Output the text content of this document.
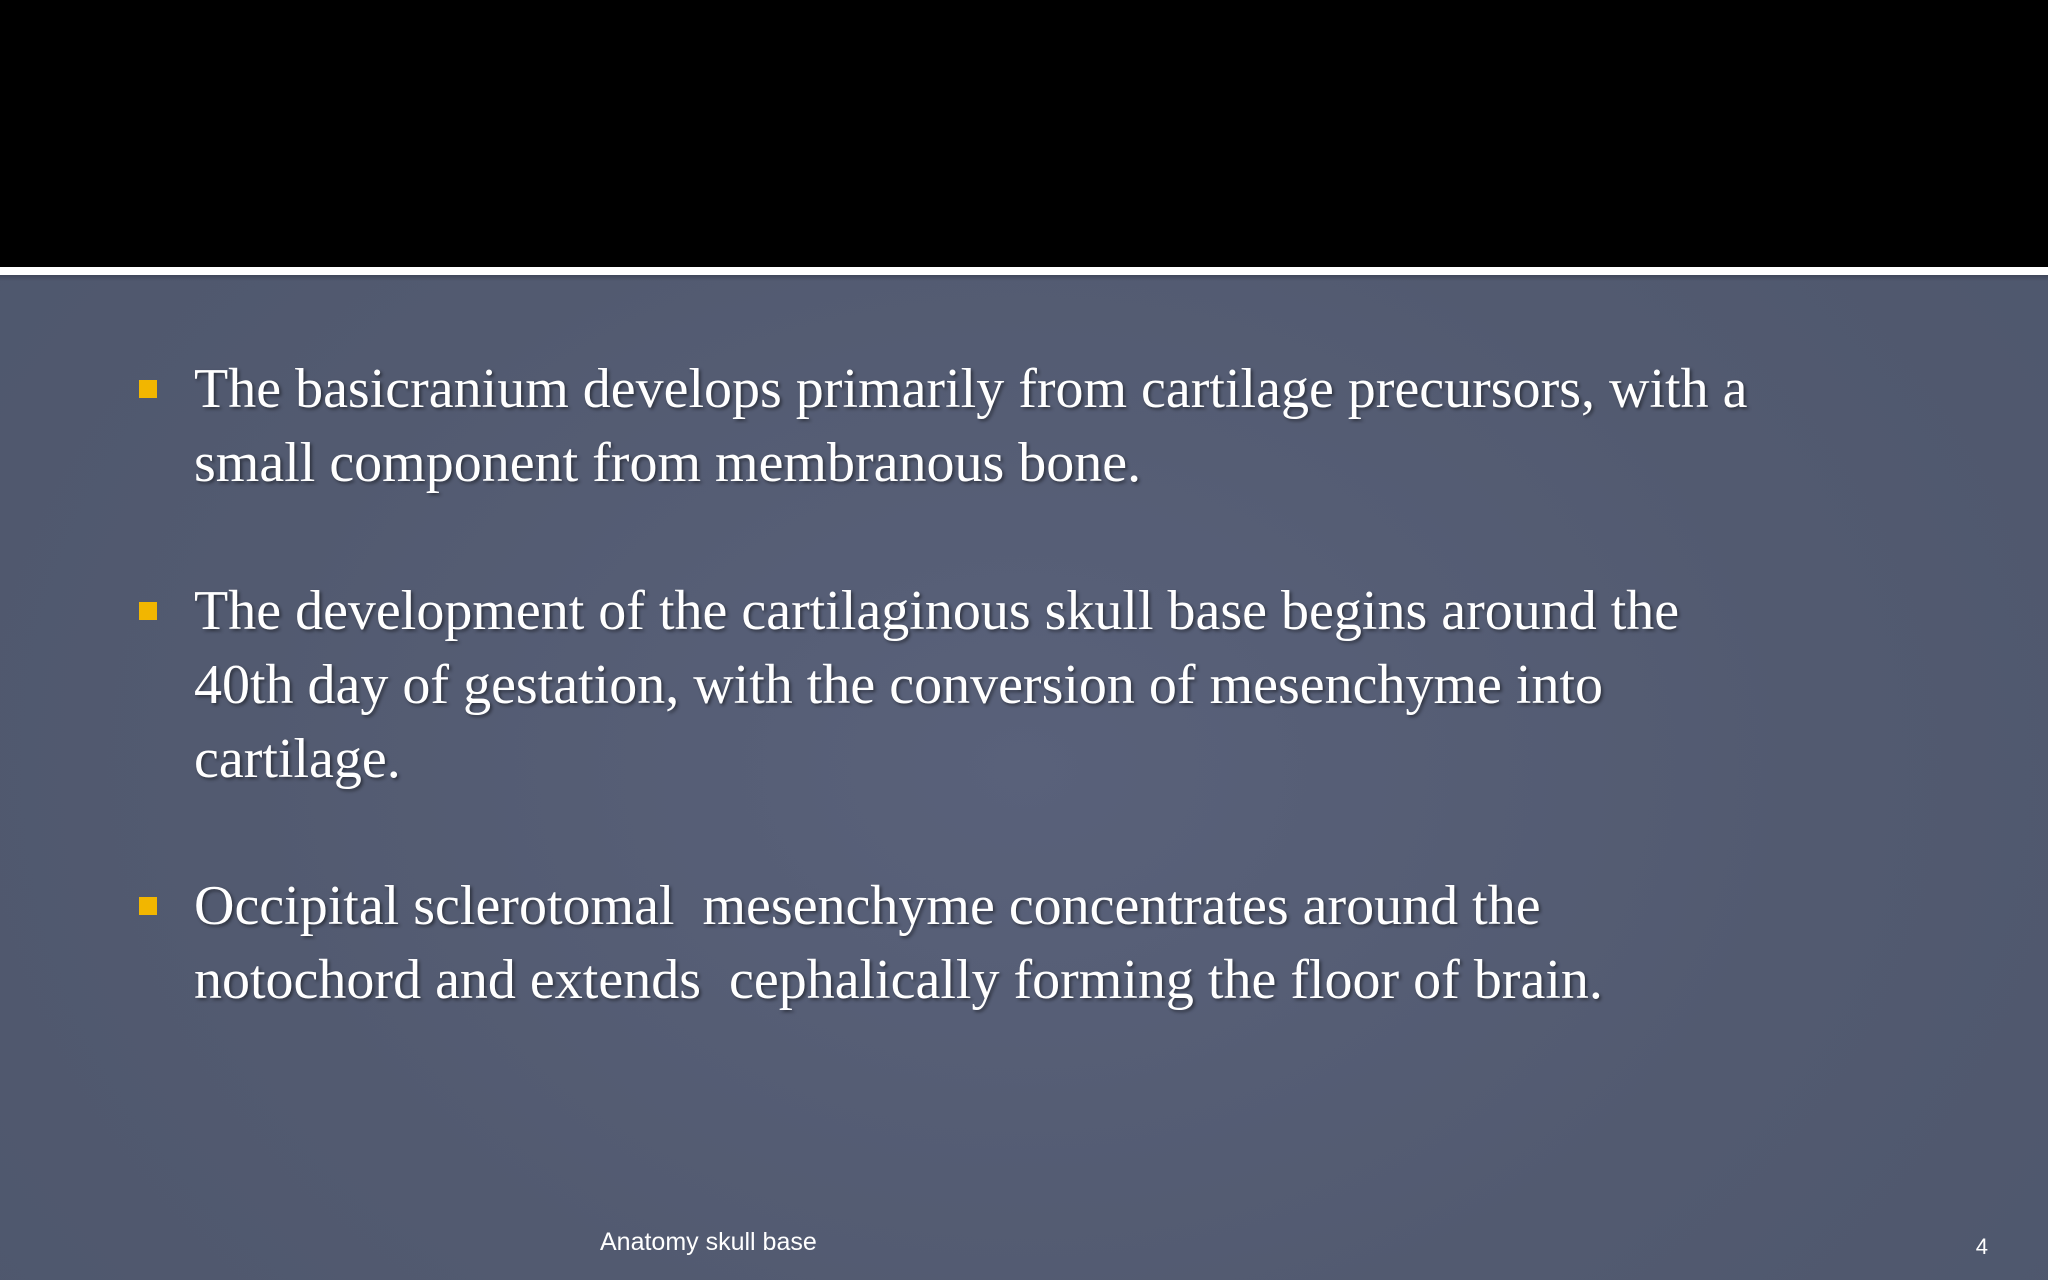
The basicranium develops primarily from cartilage precursors, with a
small component from membranous bone.
The development of the cartilaginous skull base begins around the
40th day of gestation, with the conversion of mesenchyme into
cartilage.
Occipital sclerotomal  mesenchyme concentrates around the
notochord and extends  cephalically forming the floor of brain.
Anatomy skull base	4
